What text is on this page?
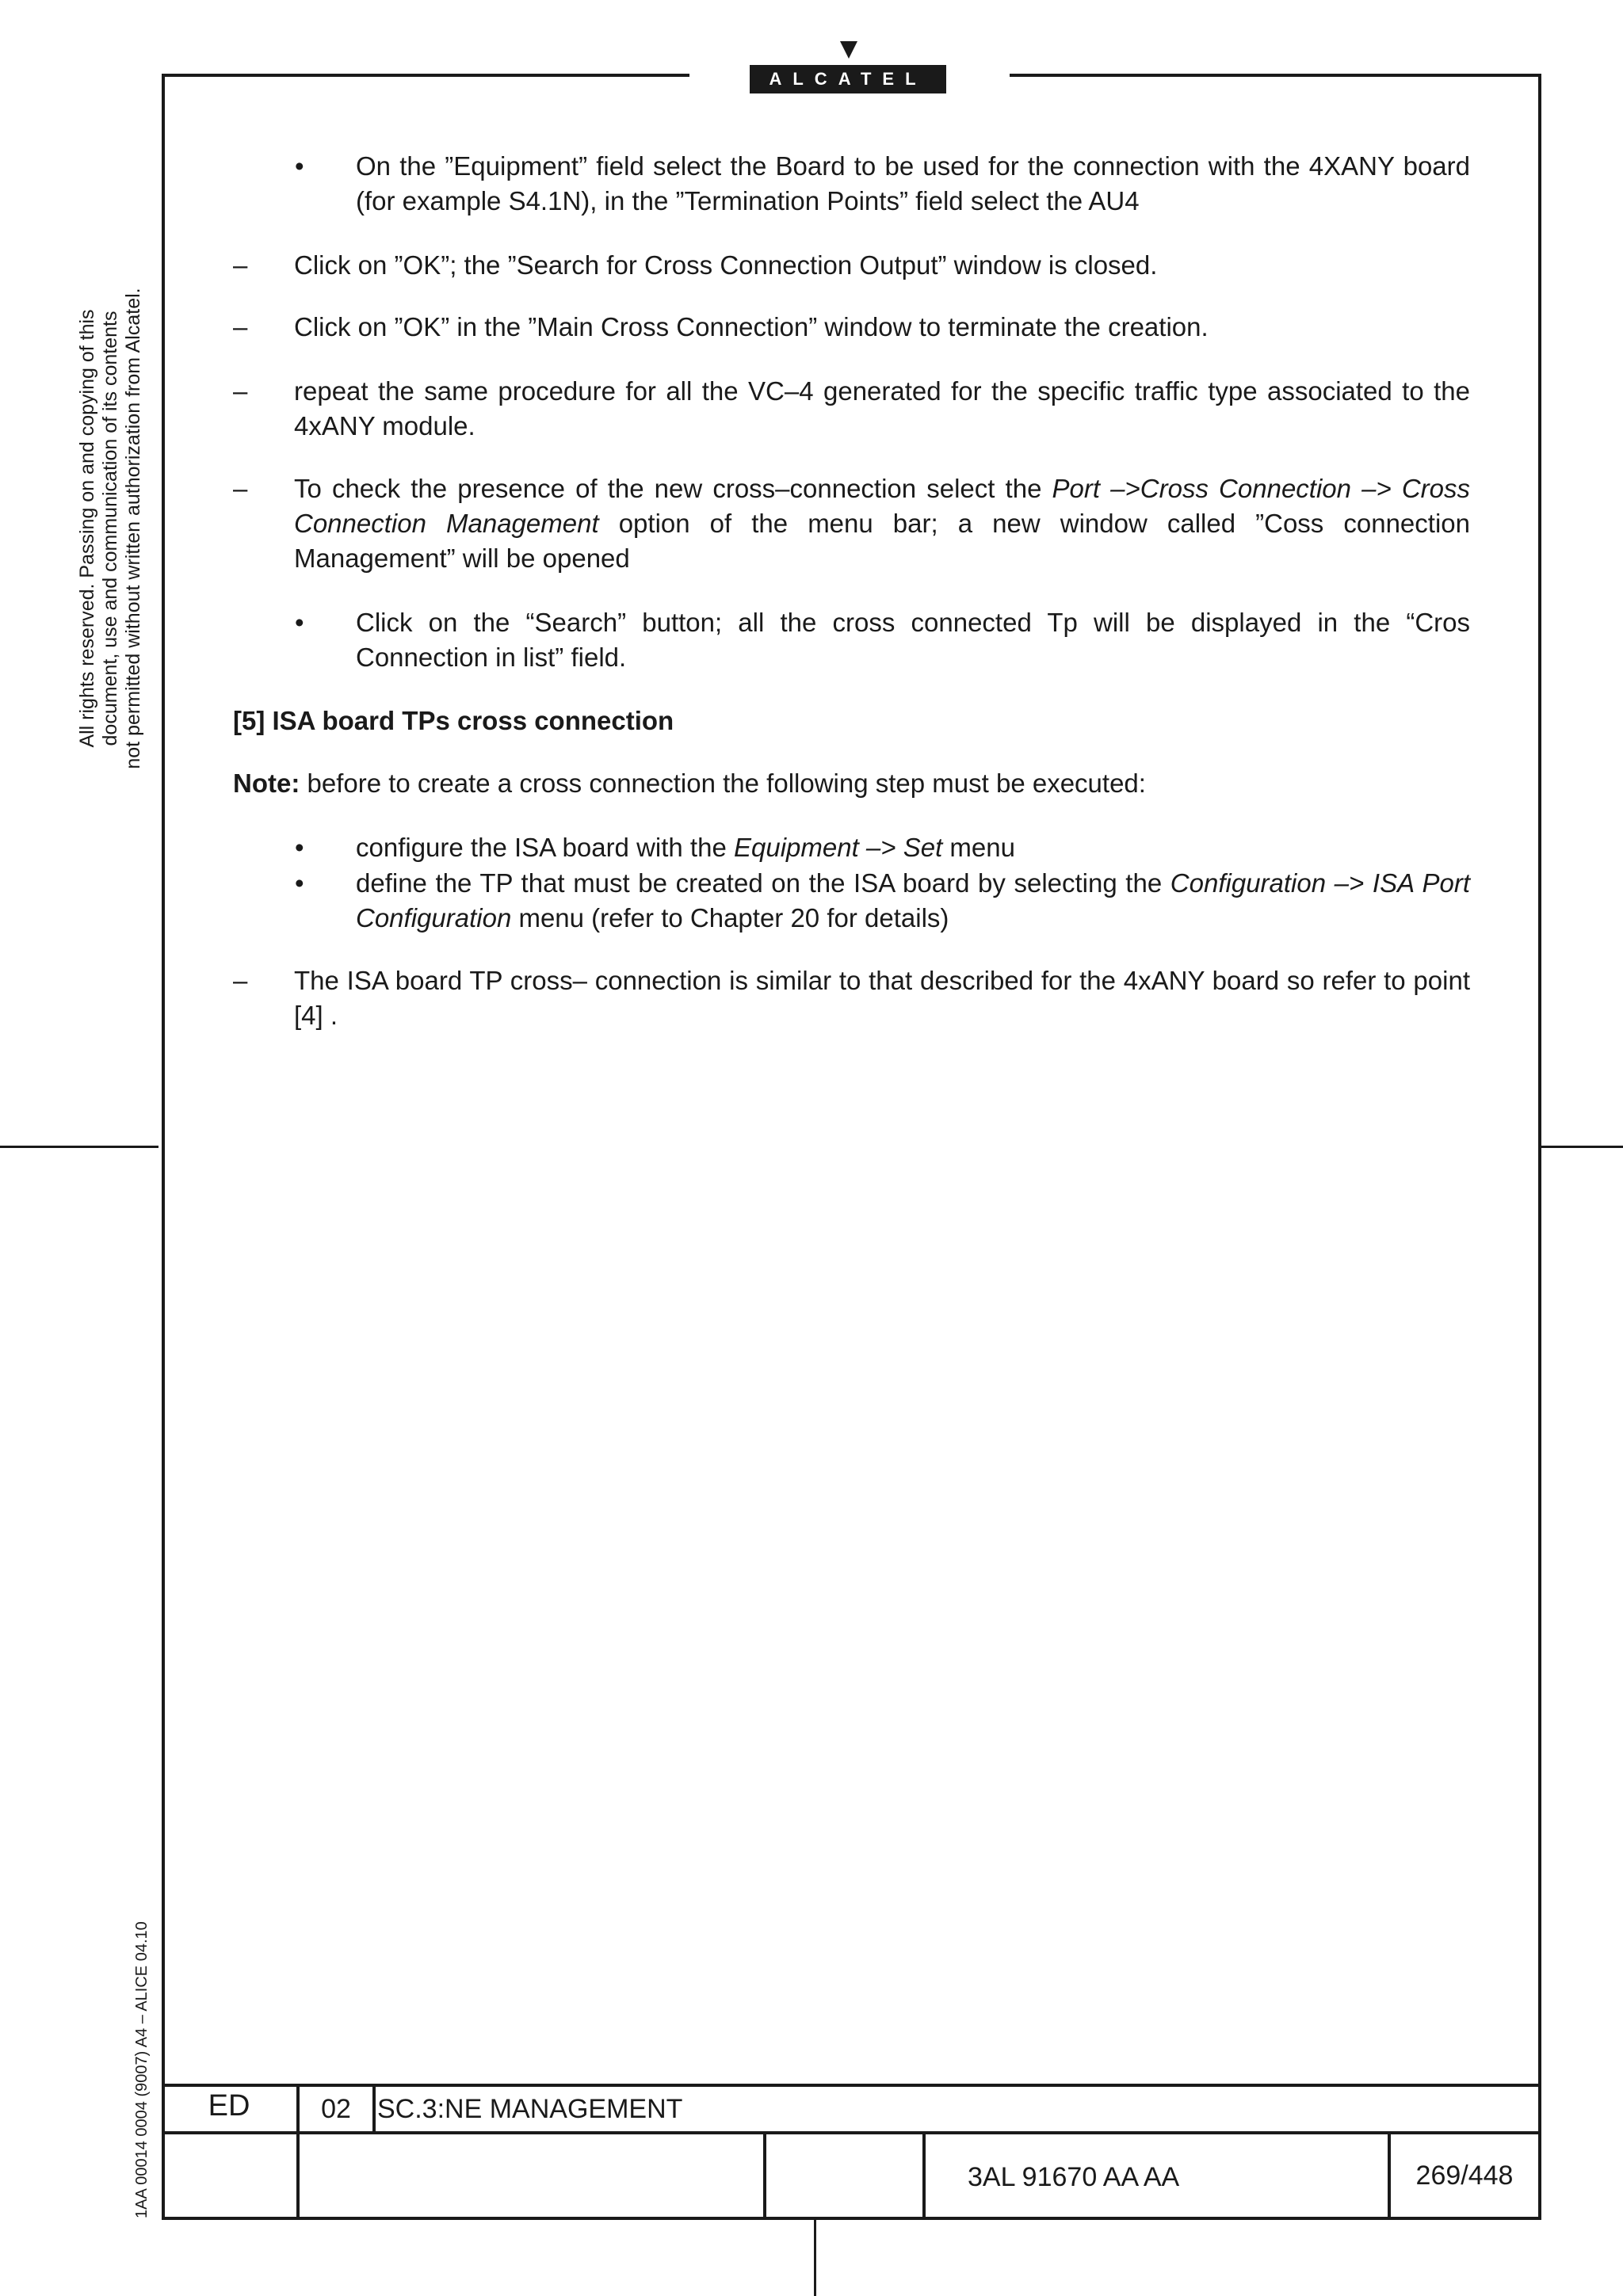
ALCATEL
All rights reserved. Passing on and copying of this document, use and communication of its contents not permitted without written authorization from Alcatel.
1AA 00014 0004 (9007) A4 – ALICE 04.10
• On the ”Equipment” field select the Board to be used for the connection with the 4XANY board (for example S4.1N), in the ”Termination Points” field select the AU4
– Click on ”OK”; the ”Search for Cross Connection Output” window is closed.
– Click on ”OK” in the ”Main Cross Connection” window to terminate the creation.
– repeat the same procedure for all the VC–4 generated for the specific traffic type associated to the 4xANY module.
– To check the presence of the new cross–connection select the Port –>Cross Connection –> Cross Connection Management option of the menu bar; a new window called ”Coss connection Management” will be opened
• Click on the “Search” button; all the cross connected Tp will be displayed in the “Cros Connection in list” field.
[5] ISA board TPs cross connection
Note: before to create a cross connection the following step must be executed:
• configure the ISA board with the Equipment –> Set menu
• define the TP that must be created on the ISA board by selecting the Configuration –> ISA Port Configuration menu (refer to Chapter 20 for details)
– The ISA board TP cross– connection is similar to that described for the 4xANY board so refer to point [4] .
ED	02 SC.3:NE MANAGEMENT
3AL 91670 AA AA	269/448
